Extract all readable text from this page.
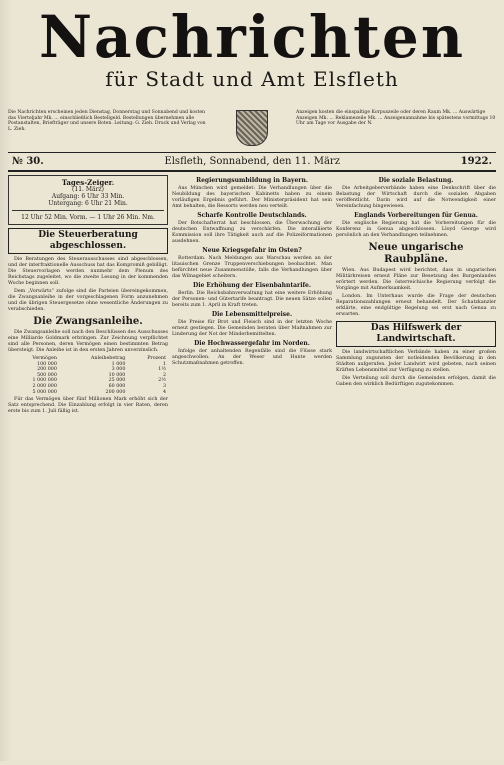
Nachrichten
für Stadt und Amt Elsfleth
Die Nachrichten erscheinen jeden Dienstag, Donnerstag und Sonnabend und kosten das Vierteljahr Mk. ... einschließlich Bestellgeld. Bestellungen übernehmen alle Postanstalten, Briefträger und unsere Boten. Leitung: G. Zieh. Druck und Verlag von L. Zieh.
Anzeigen kosten die einspaltige Korpuszeile oder deren Raum Mk. ... Auswärtige Anzeigen Mk. ... Reklamezeile Mk. ... Anzeigenannahme bis spätestens vormittags 10 Uhr am Tage vor Ausgabe der N.
№ 30.	Elsfleth, Sonnabend, den 11. März	1922.
Tages-Zeiger.
(11. März)
Aufgang: 6 Uhr 33 Min.
Untergang: 6 Uhr 21 Min.
12 Uhr 52 Min. Vorm. — 1 Uhr 26 Min. Nm.
Die Steuerberatung abgeschlossen.

Die Beratungen des Steuerausschusses sind abgeschlossen, und der interfraktionelle Ausschuss hat das Kompromiß gebilligt. Die Steuervorlagen werden nunmehr dem Plenum des Reichstags zugeleitet, wo die zweite Lesung in der kommenden Woche beginnen soll.

Dem „Vorwärts“ zufolge sind die Parteien übereingekommen, die Zwangsanleihe in der vorgeschlagenen Form anzunehmen und die übrigen Steuergesetze ohne wesentliche Änderungen zu verabschieden.

Die Zwangsanleihe.

Die Zwangsanleihe soll nach den Beschlüssen des Ausschusses eine Milliarde Goldmark erbringen. Zur Zeichnung verpflichtet sind alle Personen, deren Vermögen einen bestimmten Betrag übersteigt. Die Anleihe ist in den ersten Jahren unverzinslich.

Vermögen	Anleihebetrag	Prozent
100 000	1 000	1
200 000	3 000	1½
500 000	10 000	2
1 000 000	25 000	2½
2 000 000	60 000	3
5 000 000	200 000	4

Für das Vermögen über fünf Millionen Mark erhöht sich der Satz entsprechend. Die Einzahlung erfolgt in vier Raten, deren erste bis zum 1. Juli fällig ist.

Regierungsumbildung in Bayern.

Aus München wird gemeldet: Die Verhandlungen über die Neubildung des bayerischen Kabinetts haben zu einem vorläufigen Ergebnis geführt. Der Ministerpräsident hat sein Amt behalten, die Ressorts werden neu verteilt.

Scharfe Kontrolle Deutschlands.

Der Botschafterrat hat beschlossen, die Überwachung der deutschen Entwaffnung zu verschärfen. Die interalliierte Kommission soll ihre Tätigkeit auch auf die Polizeiformationen ausdehnen.

Neue Kriegsgefahr im Osten?

Rotterdam. Nach Meldungen aus Warschau werden an der litauischen Grenze Truppenverschiebungen beobachtet. Man befürchtet neue Zusammenstöße, falls die Verhandlungen über das Wilnagebiet scheitern.

Die Erhöhung der Eisenbahntarife.

Berlin. Die Reichsbahnverwaltung hat eine weitere Erhöhung der Personen- und Gütertarife beantragt. Die neuen Sätze sollen bereits zum 1. April in Kraft treten.

Die Lebensmittelpreise.

Die Preise für Brot und Fleisch sind in der letzten Woche erneut gestiegen. Die Gemeinden beraten über Maßnahmen zur Linderung der Not der Minderbemittelten.

Die Hochwassergefahr im Norden.

Infolge der anhaltenden Regenfälle sind die Flüsse stark angeschwollen. An der Weser und Hunte werden Schutzmaßnahmen getroffen.

Die soziale Belastung.

Die Arbeitgeberverbände haben eine Denkschrift über die Belastung der Wirtschaft durch die sozialen Abgaben veröffentlicht. Darin wird auf die Notwendigkeit einer Vereinfachung hingewiesen.

Englands Vorbereitungen für Genua.

Die englische Regierung hat die Vorbereitungen für die Konferenz in Genua abgeschlossen. Lloyd George wird persönlich an den Verhandlungen teilnehmen.

Neue ungarische Raubpläne.

Wien. Aus Budapest wird berichtet, dass in ungarischen Militärkreisen erneut Pläne zur Besetzung des Burgenlandes erörtert werden. Die österreichische Regierung verfolgt die Vorgänge mit Aufmerksamkeit.

London. Im Unterhaus wurde die Frage der deutschen Reparationszahlungen erneut behandelt. Der Schatzkanzler erklärte, eine endgültige Regelung sei erst nach Genua zu erwarten.

Das Hilfswerk der Landwirtschaft.

Die landwirtschaftlichen Verbände haben zu einer großen Sammlung zugunsten der notleidenden Bevölkerung in den Städten aufgerufen. Jeder Landwirt wird gebeten, nach seinen Kräften Lebensmittel zur Verfügung zu stellen.

Die Verteilung soll durch die Gemeinden erfolgen, damit die Gaben den wirklich Bedürftigen zugutekommen.
